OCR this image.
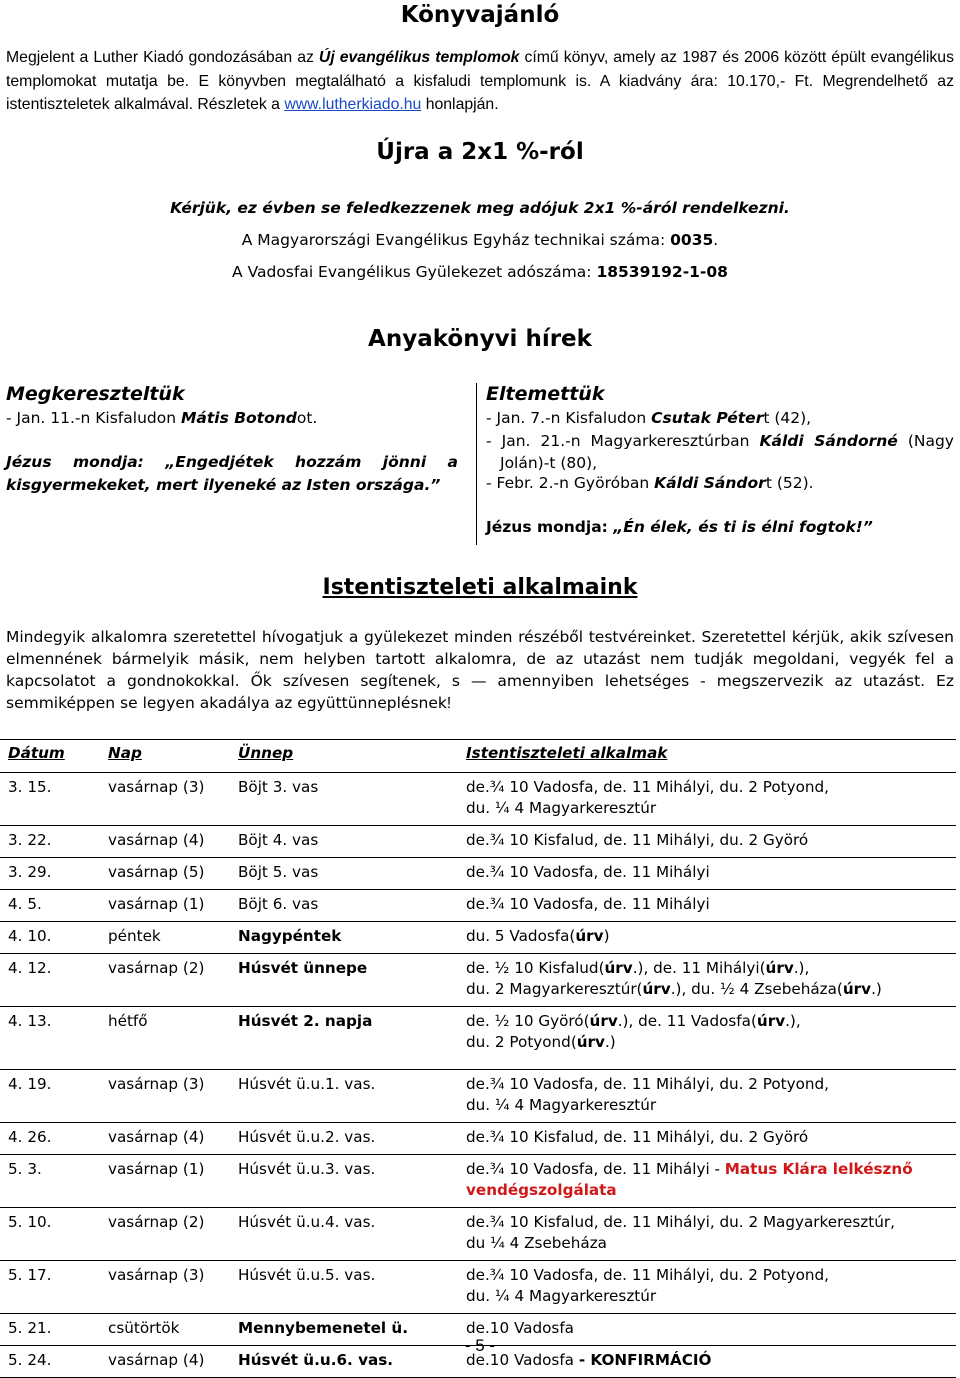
Könyvajánló

Megjelent a Luther Kiadó gondozásában az Új evangélikus templomok című könyv, amely az 1987 és 2006 között épült evangélikus templomokat mutatja be. E könyvben megtalálható a kisfaludi templomunk is. A kiadvány ára: 10.170,- Ft. Megrendelhető az istentiszteletek alkalmával. Részletek a www.lutherkiado.hu honlapján.

Újra a 2x1 %-ról
Kérjük, ez évben se feledkezzenek meg adójuk 2x1 %-áról rendelkezni.
A Magyarországi Evangélikus Egyház technikai száma: 0035.
A Vadosfai Evangélikus Gyülekezet adószáma: 18539192-1-08
Anyakönyvi hírek
Megkereszteltük
- Jan. 11.-n Kisfaludon Mátis Botondot.

Jézus mondja: „Engedjétek hozzám jönni a kisgyermekeket, mert ilyeneké az Isten országa.”

Eltemettük
- Jan. 7.-n Kisfaludon Csutak Pétert (42),

- Jan. 21.-n Magyarkeresztúrban Káldi Sándorné (Nagy Jolán)-t (80),

- Febr. 2.-n Györóban Káldi Sándort (52).
Jézus mondja: „Én élek, és ti is élni fogtok!”
Istentiszteleti alkalmaink

Mindegyik alkalomra szeretettel hívogatjuk a gyülekezet minden részéből testvéreinket. Szeretettel kérjük, akik szívesen elmennének bármelyik másik, nem helyben tartott alkalomra, de az utazást nem tudják megoldani, vegyék fel a kapcsolatot a gondnokokkal. Ők szívesen segítenek, s — amennyiben lehetséges - megszervezik az utazást. Ez semmiképpen se legyen akadálya az együttünneplésnek!

Dátum	Nap	Ünnep	Istentiszteleti alkalmak
3. 15.	vasárnap (3)	Böjt 3. vas	de.¾ 10 Vadosfa, de. 11 Mihályi, du. 2 Potyond,
du. ¼ 4 Magyarkeresztúr

3. 22.	vasárnap (4)	Böjt 4. vas	de.¾ 10 Kisfalud, de. 11 Mihályi, du. 2 Györó
3. 29.	vasárnap (5)	Böjt 5. vas	de.¾ 10 Vadosfa, de. 11 Mihályi
4. 5.	vasárnap (1)	Böjt 6. vas	de.¾ 10 Vadosfa, de. 11 Mihályi
4. 10.	péntek	Nagypéntek	du. 5 Vadosfa(úrv)
4. 12.	vasárnap (2)	Húsvét ünnepe	de. ½ 10 Kisfalud(úrv.), de. 11 Mihályi(úrv.),
du. 2 Magyarkeresztúr(úrv.), du. ½ 4 Zsebeháza(úrv.)

4. 13.	hétfő	Húsvét 2. napja	de. ½ 10 Györó(úrv.), de. 11 Vadosfa(úrv.),
du. 2 Potyond(úrv.)

4. 19.	vasárnap (3)	Húsvét ü.u.1. vas.	de.¾ 10 Vadosfa, de. 11 Mihályi, du. 2 Potyond,
du. ¼ 4 Magyarkeresztúr

4. 26.	vasárnap (4)	Húsvét ü.u.2. vas.	de.¾ 10 Kisfalud, de. 11 Mihályi, du. 2 Györó
5. 3.	vasárnap (1)	Húsvét ü.u.3. vas.	de.¾ 10 Vadosfa, de. 11 Mihályi - Matus Klára lelkésznő
vendégszolgálata

5. 10.	vasárnap (2)	Húsvét ü.u.4. vas.	de.¾ 10 Kisfalud, de. 11 Mihályi, du. 2 Magyarkeresztúr,
du ¼ 4 Zsebeháza

5. 17.	vasárnap (3)	Húsvét ü.u.5. vas.	de.¾ 10 Vadosfa, de. 11 Mihályi, du. 2 Potyond,
du. ¼ 4 Magyarkeresztúr

5. 21.	csütörtök	Mennybemenetel ü.	de.10 Vadosfa
5. 24.	vasárnap (4)	Húsvét ü.u.6. vas.	de.10 Vadosfa - KONFIRMÁCIÓ
- 5 -
